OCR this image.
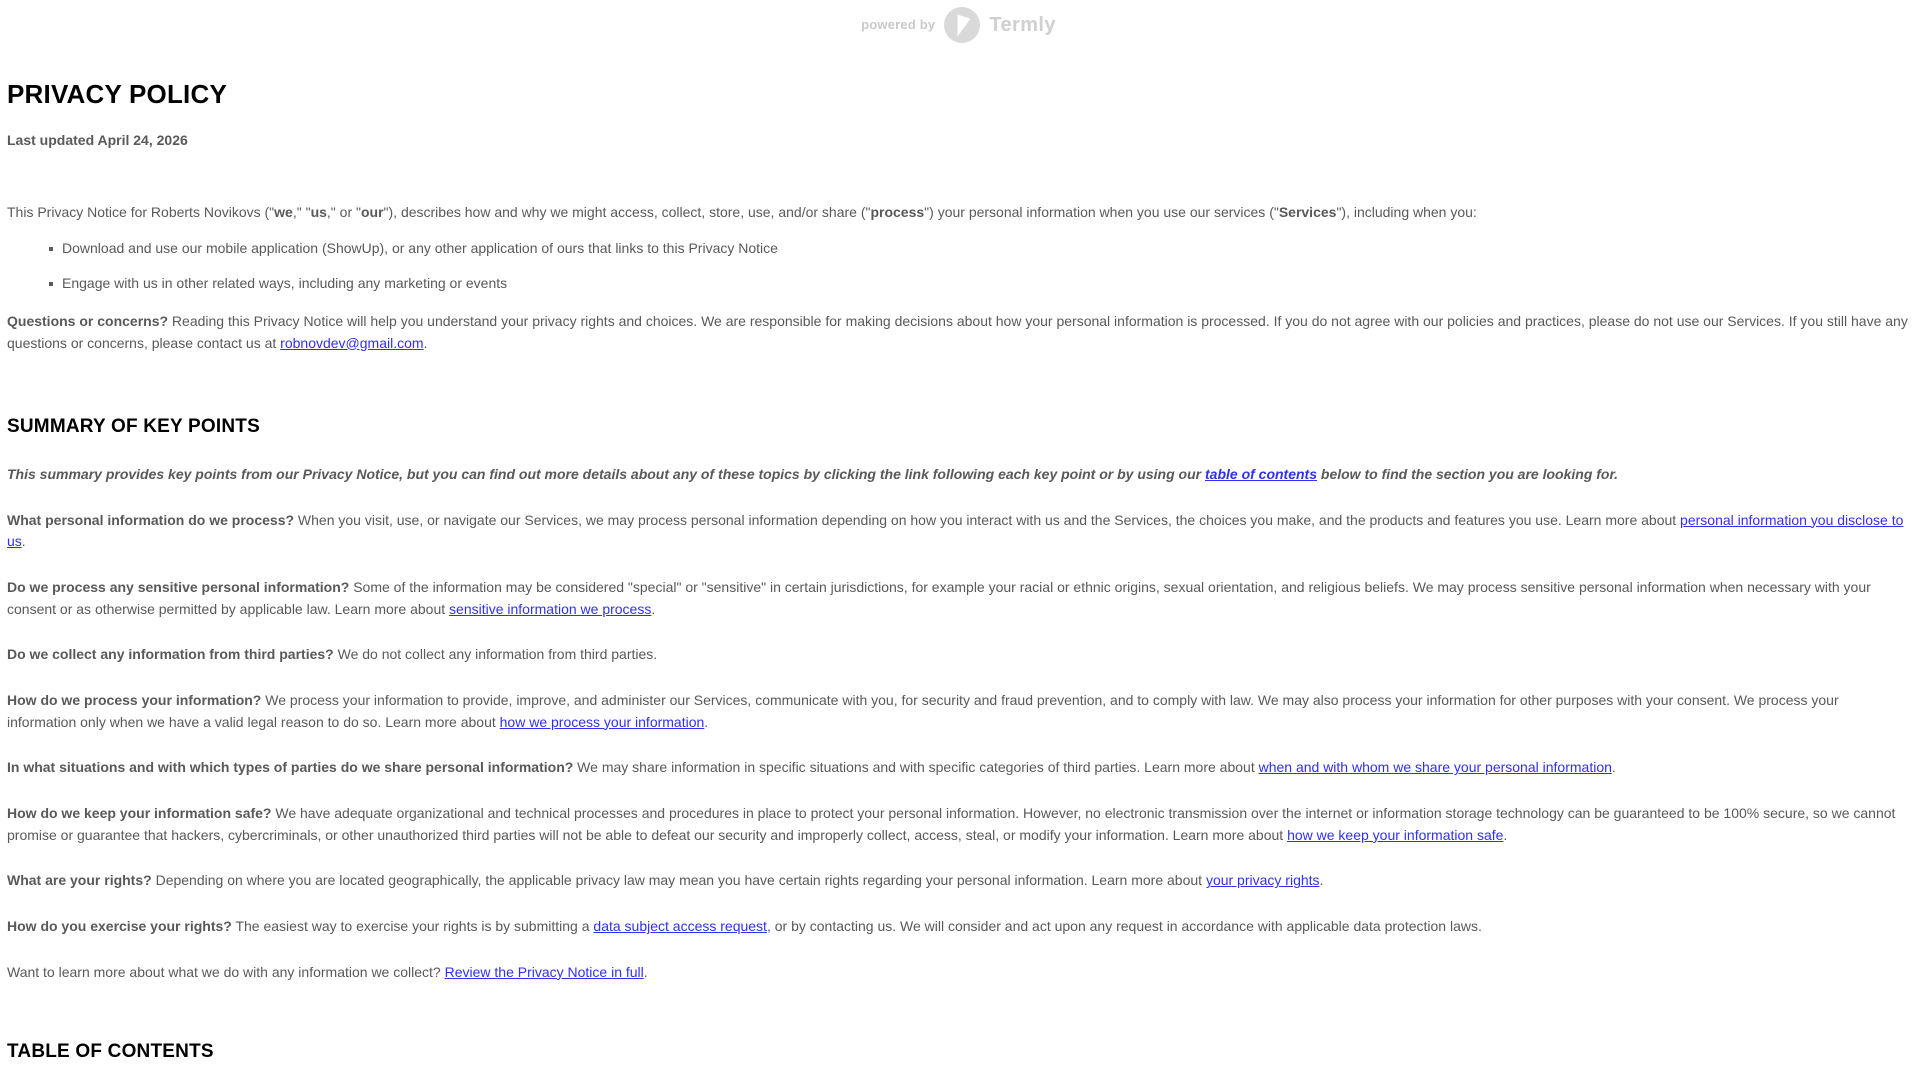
powered by	Termly
PRIVACY POLICY
Last updated April 24, 2026

This Privacy Notice for Roberts Novikovs ("we," "us," or "our"), describes how and why we might access, collect, store, use, and/or share ("process") your personal information when you use our services ("Services"), including when you:

Download and use our mobile application (ShowUp), or any other application of ours that links to this Privacy Notice
Engage with us in other related ways, including any marketing or events

Questions or concerns? Reading this Privacy Notice will help you understand your privacy rights and choices. We are responsible for making decisions about how your personal information is processed. If you do not agree with our policies and practices, please do not use our Services. If you still have any questions or concerns, please contact us at robnovdev@gmail.com.

SUMMARY OF KEY POINTS

This summary provides key points from our Privacy Notice, but you can find out more details about any of these topics by clicking the link following each key point or by using our table of contents below to find the section you are looking for.

What personal information do we process? When you visit, use, or navigate our Services, we may process personal information depending on how you interact with us and the Services, the choices you make, and the products and features you use. Learn more about personal information you disclose to us.

Do we process any sensitive personal information? Some of the information may be considered "special" or "sensitive" in certain jurisdictions, for example your racial or ethnic origins, sexual orientation, and religious beliefs. We may process sensitive personal information when necessary with your consent or as otherwise permitted by applicable law. Learn more about sensitive information we process.

Do we collect any information from third parties? We do not collect any information from third parties.

How do we process your information? We process your information to provide, improve, and administer our Services, communicate with you, for security and fraud prevention, and to comply with law. We may also process your information for other purposes with your consent. We process your information only when we have a valid legal reason to do so. Learn more about how we process your information.

In what situations and with which types of parties do we share personal information? We may share information in specific situations and with specific categories of third parties. Learn more about when and with whom we share your personal information.

How do we keep your information safe? We have adequate organizational and technical processes and procedures in place to protect your personal information. However, no electronic transmission over the internet or information storage technology can be guaranteed to be 100% secure, so we cannot promise or guarantee that hackers, cybercriminals, or other unauthorized third parties will not be able to defeat our security and improperly collect, access, steal, or modify your information. Learn more about how we keep your information safe.

What are your rights? Depending on where you are located geographically, the applicable privacy law may mean you have certain rights regarding your personal information. Learn more about your privacy rights.

How do you exercise your rights? The easiest way to exercise your rights is by submitting a data subject access request, or by contacting us. We will consider and act upon any request in accordance with applicable data protection laws.

Want to learn more about what we do with any information we collect? Review the Privacy Notice in full.

TABLE OF CONTENTS
